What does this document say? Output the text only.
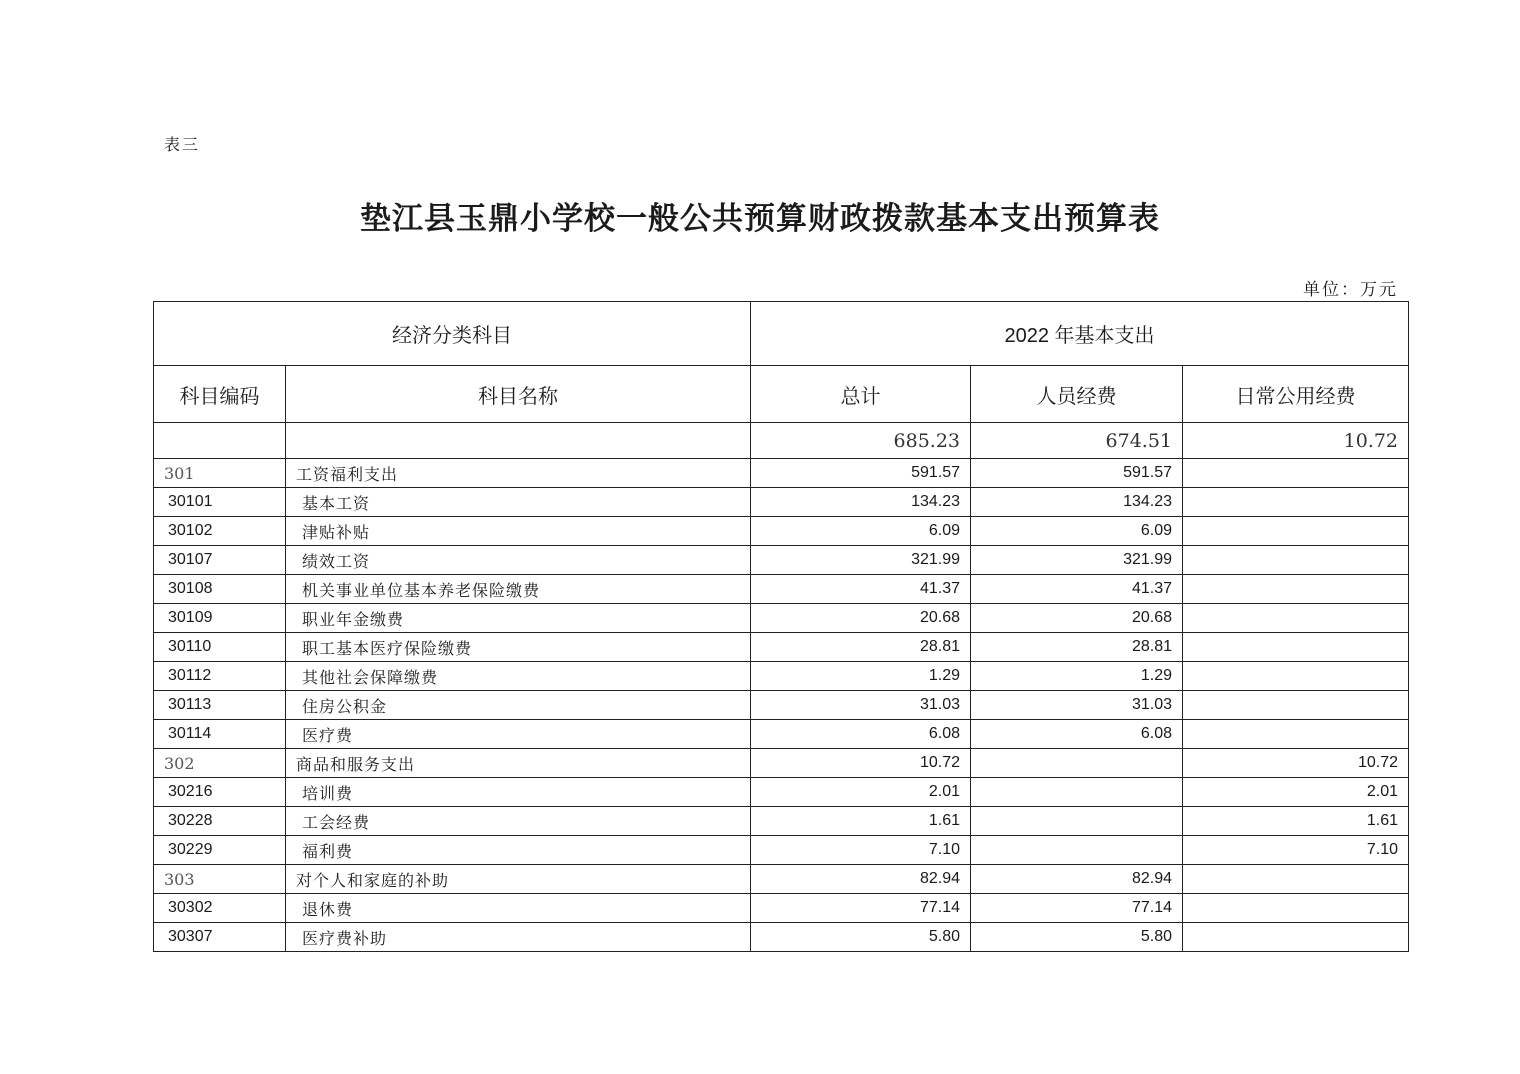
表三
垫江县玉鼎小学校一般公共预算财政拨款基本支出预算表
单位：万元
经济分类科目		2022 年基本支出		
科目编码	科目名称	总计	人员经费	日常公用经费
		685.23	674.51	10.72
301	工资福利支出	591.57	591.57	
30101	基本工资	134.23	134.23	
30102	津贴补贴	6.09	6.09	
30107	绩效工资	321.99	321.99	
30108	机关事业单位基本养老保险缴费	41.37	41.37	
30109	职业年金缴费	20.68	20.68	
30110	职工基本医疗保险缴费	28.81	28.81	
30112	其他社会保障缴费	1.29	1.29	
30113	住房公积金	31.03	31.03	
30114	医疗费	6.08	6.08	
302	商品和服务支出	10.72		10.72
30216	培训费	2.01		2.01
30228	工会经费	1.61		1.61
30229	福利费	7.10		7.10
303	对个人和家庭的补助	82.94	82.94	
30302	退休费	77.14	77.14	
30307	医疗费补助	5.80	5.80	
